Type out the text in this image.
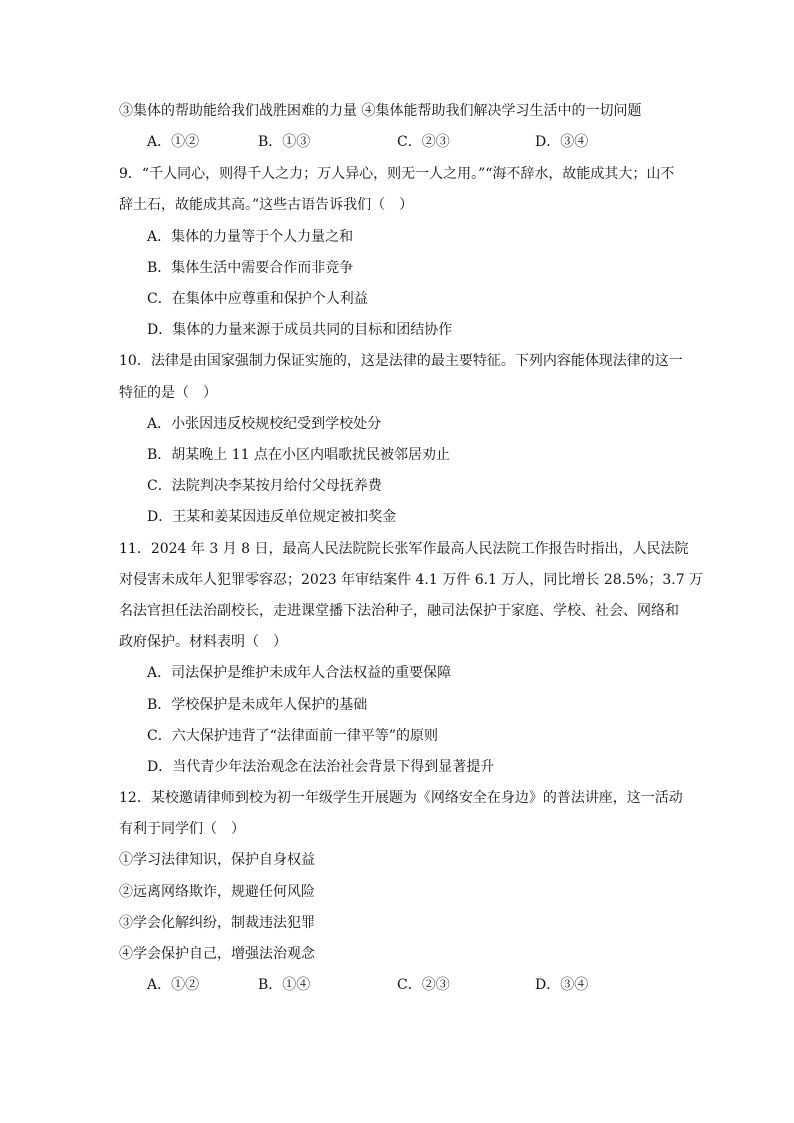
③集体的帮助能给我们战胜困难的力量 ④集体能帮助我们解决学习生活中的一切问题
A．①②	B．①③	C．②③	D．③④
9．“千人同心，则得千人之力；万人异心，则无一人之用。”“海不辞水，故能成其大；山不
辞土石，故能成其高。”这些古语告诉我们（　）
A．集体的力量等于个人力量之和
B．集体生活中需要合作而非竞争
C．在集体中应尊重和保护个人利益
D．集体的力量来源于成员共同的目标和团结协作
10．法律是由国家强制力保证实施的，这是法律的最主要特征。下列内容能体现法律的这一
特征的是（　）
A．小张因违反校规校纪受到学校处分
B．胡某晚上 11 点在小区内唱歌扰民被邻居劝止
C．法院判决李某按月给付父母抚养费
D．王某和姜某因违反单位规定被扣奖金
11．2024 年 3 月 8 日，最高人民法院院长张军作最高人民法院工作报告时指出，人民法院
对侵害未成年人犯罪零容忍；2023 年审结案件 4.1 万件 6.1 万人，同比增长 28.5%；3.7 万
名法官担任法治副校长，走进课堂播下法治种子，融司法保护于家庭、学校、社会、网络和
政府保护。材料表明（　）
A．司法保护是维护未成年人合法权益的重要保障
B．学校保护是未成年人保护的基础
C．六大保护违背了“法律面前一律平等”的原则
D．当代青少年法治观念在法治社会背景下得到显著提升
12．某校邀请律师到校为初一年级学生开展题为《网络安全在身边》的普法讲座，这一活动
有利于同学们（　）
①学习法律知识，保护自身权益
②远离网络欺诈，规避任何风险
③学会化解纠纷，制裁违法犯罪
④学会保护自己，增强法治观念
A．①②	B．①④	C．②③	D．③④
